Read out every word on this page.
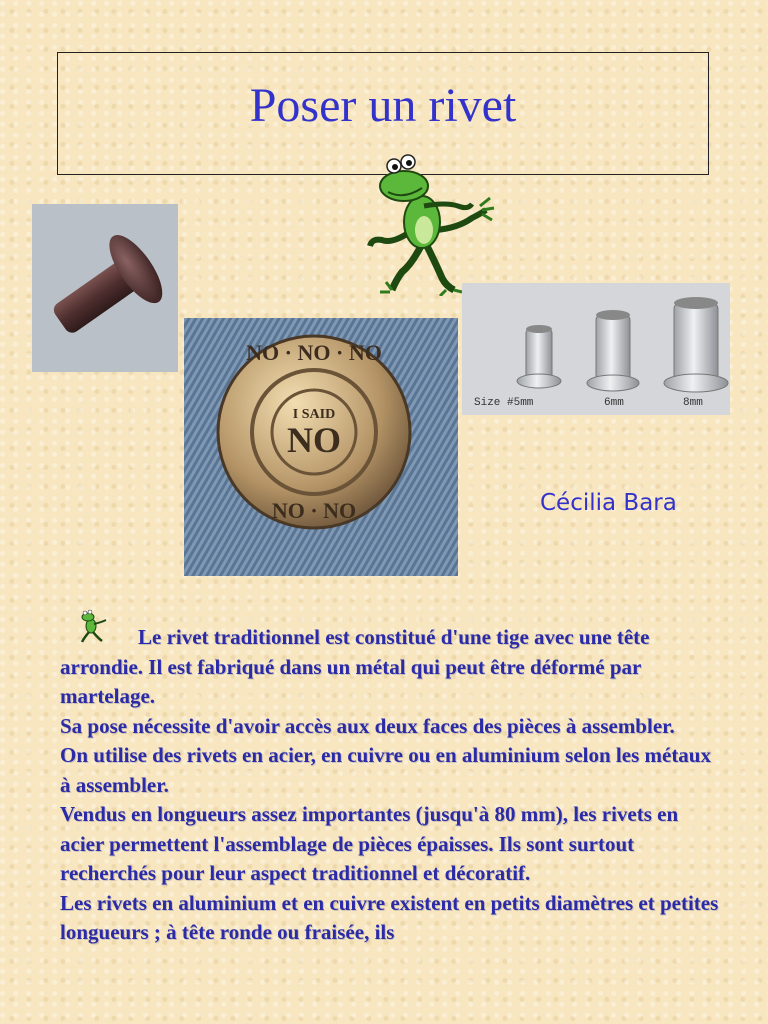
Poser un rivet
NO · NO · NO
NO · NO
I SAID
NO
Size #5mm	6mm	8mm
Cécilia Bara

Le rivet traditionnel est constitué d'une tige avec une tête arrondie. Il est fabriqué dans un métal qui peut être déformé par martelage.

Sa pose nécessite d'avoir accès aux deux faces des pièces à assembler.

On utilise des rivets en acier, en cuivre ou en aluminium selon les métaux à assembler.

Vendus en longueurs assez importantes (jusqu'à 80 mm), les rivets en acier permettent l'assemblage de pièces épaisses. Ils sont surtout recherchés pour leur aspect traditionnel et décoratif.

Les rivets en aluminium et en cuivre existent en petits diamètres et petites longueurs ; à tête ronde ou fraisée, ils
